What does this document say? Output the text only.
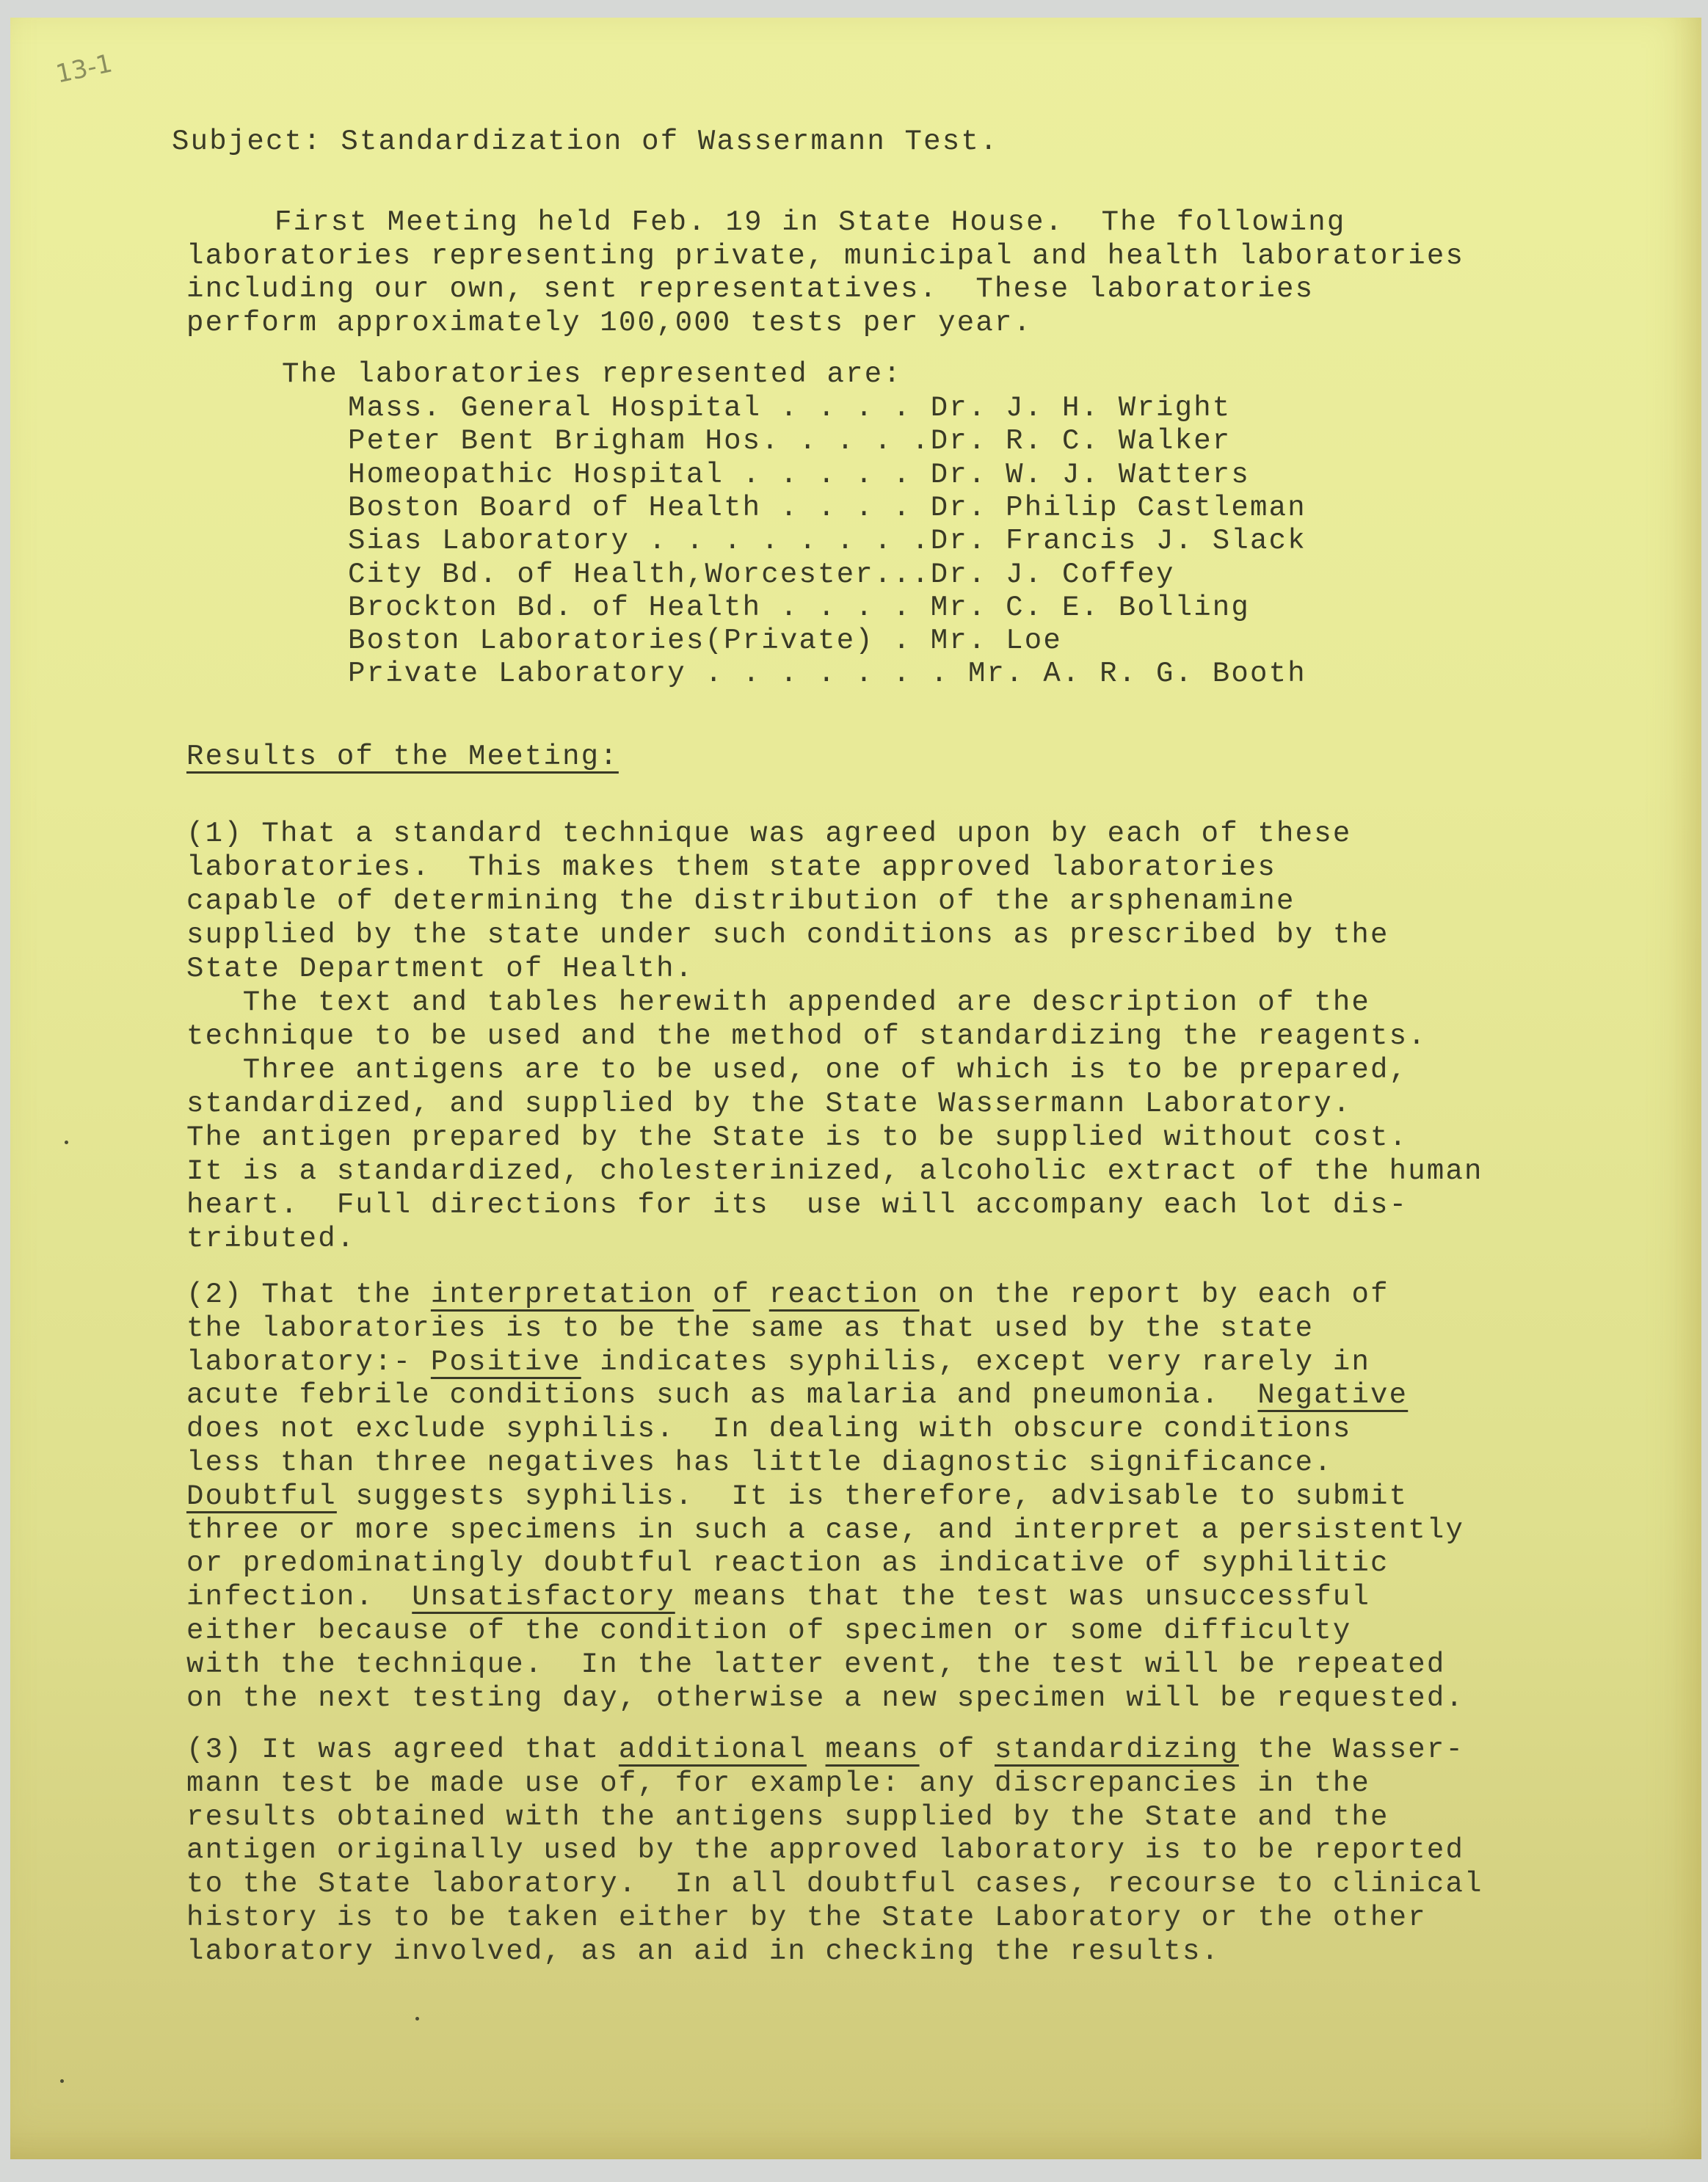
13-1

Subject: Standardization of Wassermann Test.

First Meeting held Feb. 19 in State House.  The following
laboratories representing private, municipal and health laboratories
including our own, sent representatives.  These laboratories
perform approximately 100,000 tests per year.

The laboratories represented are:

Mass. General Hospital . . . . Dr. J. H. Wright
Peter Bent Brigham Hos. . . . .Dr. R. C. Walker
Homeopathic Hospital . . . . . Dr. W. J. Watters
Boston Board of Health . . . . Dr. Philip Castleman
Sias Laboratory . . . . . . . .Dr. Francis J. Slack
City Bd. of Health,Worcester...Dr. J. Coffey
Brockton Bd. of Health . . . . Mr. C. E. Bolling
Boston Laboratories(Private) . Mr. Loe
Private Laboratory . . . . . . . Mr. A. R. G. Booth

Results of the Meeting:

(1) That a standard technique was agreed upon by each of these
laboratories.  This makes them state approved laboratories
capable of determining the distribution of the arsphenamine
supplied by the state under such conditions as prescribed by the
State Department of Health.
The text and tables herewith appended are description of the
technique to be used and the method of standardizing the reagents.
Three antigens are to be used, one of which is to be prepared,
standardized, and supplied by the State Wassermann Laboratory.
The antigen prepared by the State is to be supplied without cost.
It is a standardized, cholesterinized, alcoholic extract of the human
heart.  Full directions for its  use will accompany each lot dis-
tributed.

(2) That the interpretation of reaction on the report by each of
the laboratories is to be the same as that used by the state
laboratory:- Positive indicates syphilis, except very rarely in
acute febrile conditions such as malaria and pneumonia.  Negative
does not exclude syphilis.  In dealing with obscure conditions
less than three negatives has little diagnostic significance.
Doubtful suggests syphilis.  It is therefore, advisable to submit
three or more specimens in such a case, and interpret a persistently
or predominatingly doubtful reaction as indicative of syphilitic
infection.  Unsatisfactory means that the test was unsuccessful
either because of the condition of specimen or some difficulty
with the technique.  In the latter event, the test will be repeated
on the next testing day, otherwise a new specimen will be requested.

(3) It was agreed that additional means of standardizing the Wasser-
mann test be made use of, for example: any discrepancies in the
results obtained with the antigens supplied by the State and the
antigen originally used by the approved laboratory is to be reported
to the State laboratory.  In all doubtful cases, recourse to clinical
history is to be taken either by the State Laboratory or the other
laboratory involved, as an aid in checking the results.
